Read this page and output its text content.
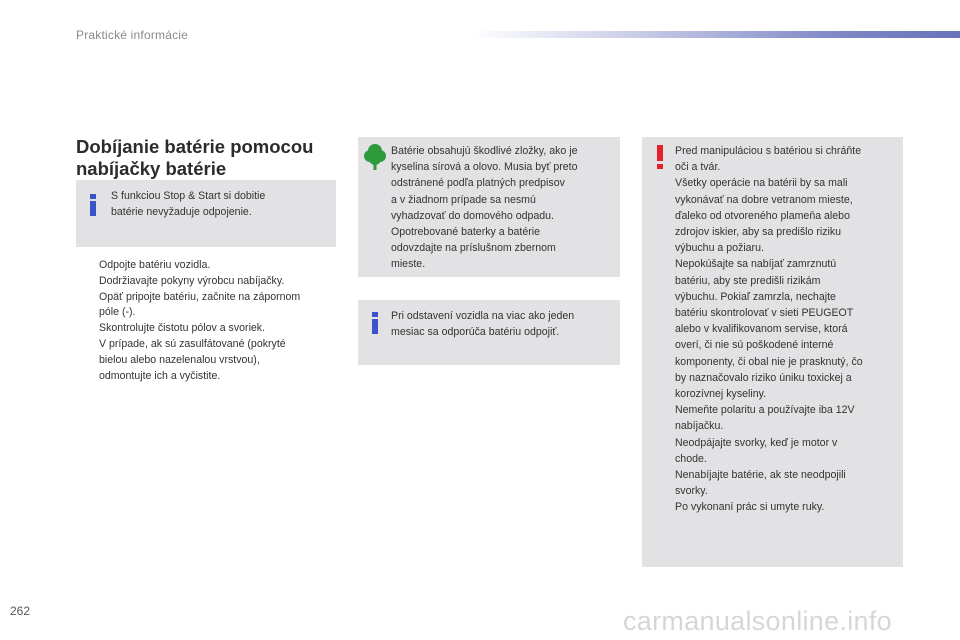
Praktické informácie
Dobíjanie batérie pomocou
nabíjačky batérie
S funkciou Stop & Start si dobitie
batérie nevyžaduje odpojenie.
Odpojte batériu vozidla.
Dodržiavajte pokyny výrobcu nabíjačky.
Opäť pripojte batériu, začnite na zápornom
póle (-).
Skontrolujte čistotu pólov a svoriek.
V prípade, ak sú zasulfátované (pokryté
bielou alebo nazelenalou vrstvou),
odmontujte ich a vyčistite.
Batérie obsahujú škodlivé zložky, ako je
kyselina sírová a olovo. Musia byť preto
odstránené podľa platných predpisov
a v žiadnom prípade sa nesmú
vyhadzovať do domového odpadu.
Opotrebované baterky a batérie
odovzdajte na príslušnom zbernom
mieste.
Pri odstavení vozidla na viac ako jeden
mesiac sa odporúča batériu odpojiť.
Pred manipuláciou s batériou si chráňte
oči a tvár.
Všetky operácie na batérii by sa mali
vykonávať na dobre vetranom mieste,
ďaleko od otvoreného plameňa alebo
zdrojov iskier, aby sa predišlo riziku
výbuchu a požiaru.
Nepokúšajte sa nabíjať zamrznutú
batériu, aby ste predišli rizikám
výbuchu. Pokiaľ zamrzla, nechajte
batériu skontrolovať v sieti PEUGEOT
alebo v kvalifikovanom servise, ktorá
overí, či nie sú poškodené interné
komponenty, či obal nie je prasknutý, čo
by naznačovalo riziko úniku toxickej a
korozívnej kyseliny.
Nemeňte polaritu a používajte iba 12V
nabíjačku.
Neodpájajte svorky, keď je motor v
chode.
Nenabíjajte batérie, ak ste neodpojili
svorky.
Po vykonaní prác si umyte ruky.
262	carmanualsonline.info
